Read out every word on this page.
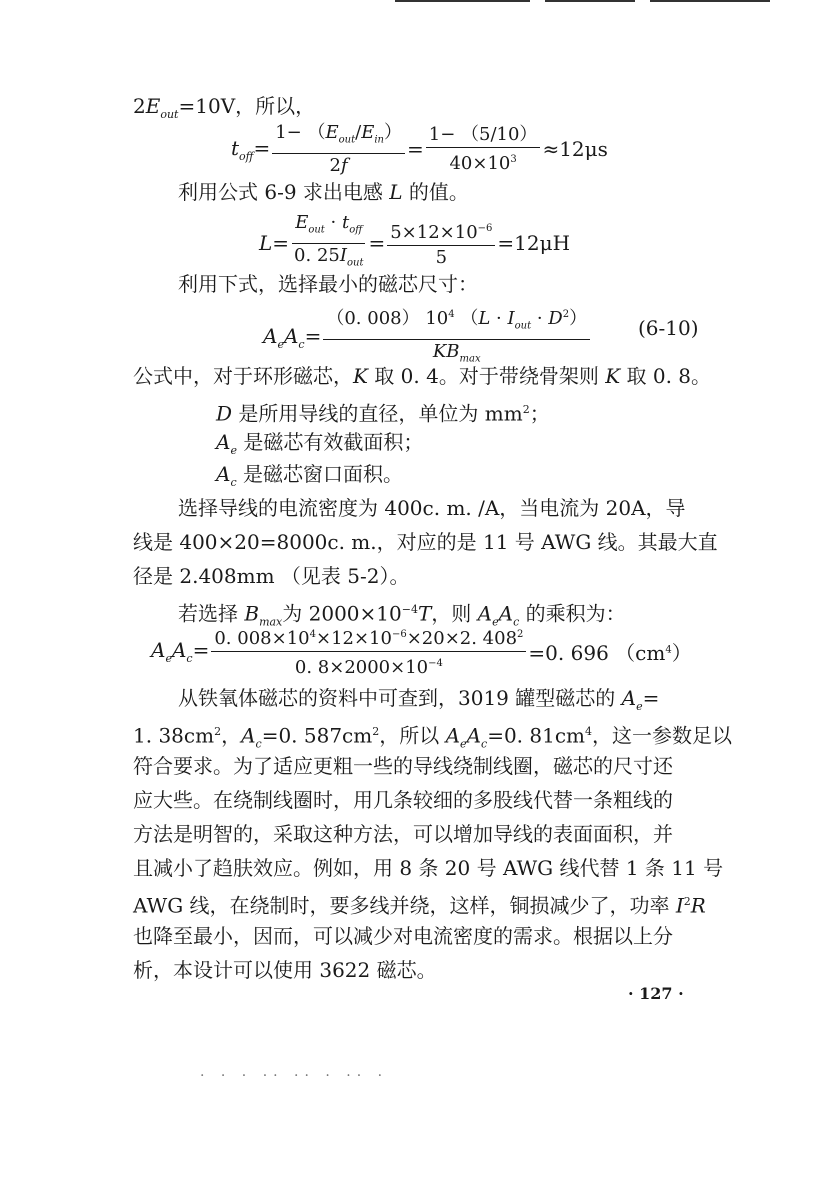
$2E_{out}=10V$，所以，
$t_{off}= \frac{1- (E_{out}/E_{in})}{2f} = \frac{1- (5/10)}{40\times 10^3} \approx 12\mu s$
利用公式 6-9 求出电感 L 的值。
$L= \frac{E_{out} \cdot t_{off}}{0. 25I_{out}} = \frac{5\times 12\times 10^{-6}}{5} =12\mu H$
利用下式，选择最小的磁芯尺寸：
$A_eA_c= \frac{(0. 008) 10^4 (L \cdot I_{out} \cdot D^2)}{KB_{max}} (6-10)$
公式中，对于环形磁芯，K 取 0. 4。对于带绕骨架则 K 取 0. 8。
D 是所用导线的直径，单位为 $mm^2$；
$A_e$ 是磁芯有效截面积；
$A_c$ 是磁芯窗口面积。
选择导线的电流密度为 400c. m. /A，当电流为 20A，导
线是 400×20=8000c. m.，对应的是 11 号 AWG 线。其最大直
径是 2.408mm （见表 5-2）。
若选择 $B_{max}$为 $2000\times 10^{-4}T$，则 $A_eA_c$ 的乘积为：
$A_eA_c= \frac{0. 008\times 10^4\times 12\times 10^{-6}\times 20\times 2. 408^2}{0. 8\times 2000\times 10^{-4}} =0$. 696 $(cm^4)$
从铁氧体磁芯的资料中可查到，3019 罐型磁芯的 $A_e=$
1. $38cm^2$，$A_c=0$. $587cm^2$，所以 $A_eA_c=0$. $81cm^4$，这一参数足以
符合要求。为了适应更粗一些的导线绕制线圈，磁芯的尺寸还
应大些。在绕制线圈时，用几条较细的多股线代替一条粗线的
方法是明智的，采取这种方法，可以增加导线的表面面积，并
且减小了趋肤效应。例如，用 8 条 20 号 AWG 线代替 1 条 11 号
AWG 线，在绕制时，要多线并绕，这样，铜损减少了，功率 $I^2R$
也降至最小，因而，可以减少对电流密度的需求。根据以上分
析，本设计可以使用 3622 磁芯。
· 127 ·
· · · ·· ·· · ·· ·
